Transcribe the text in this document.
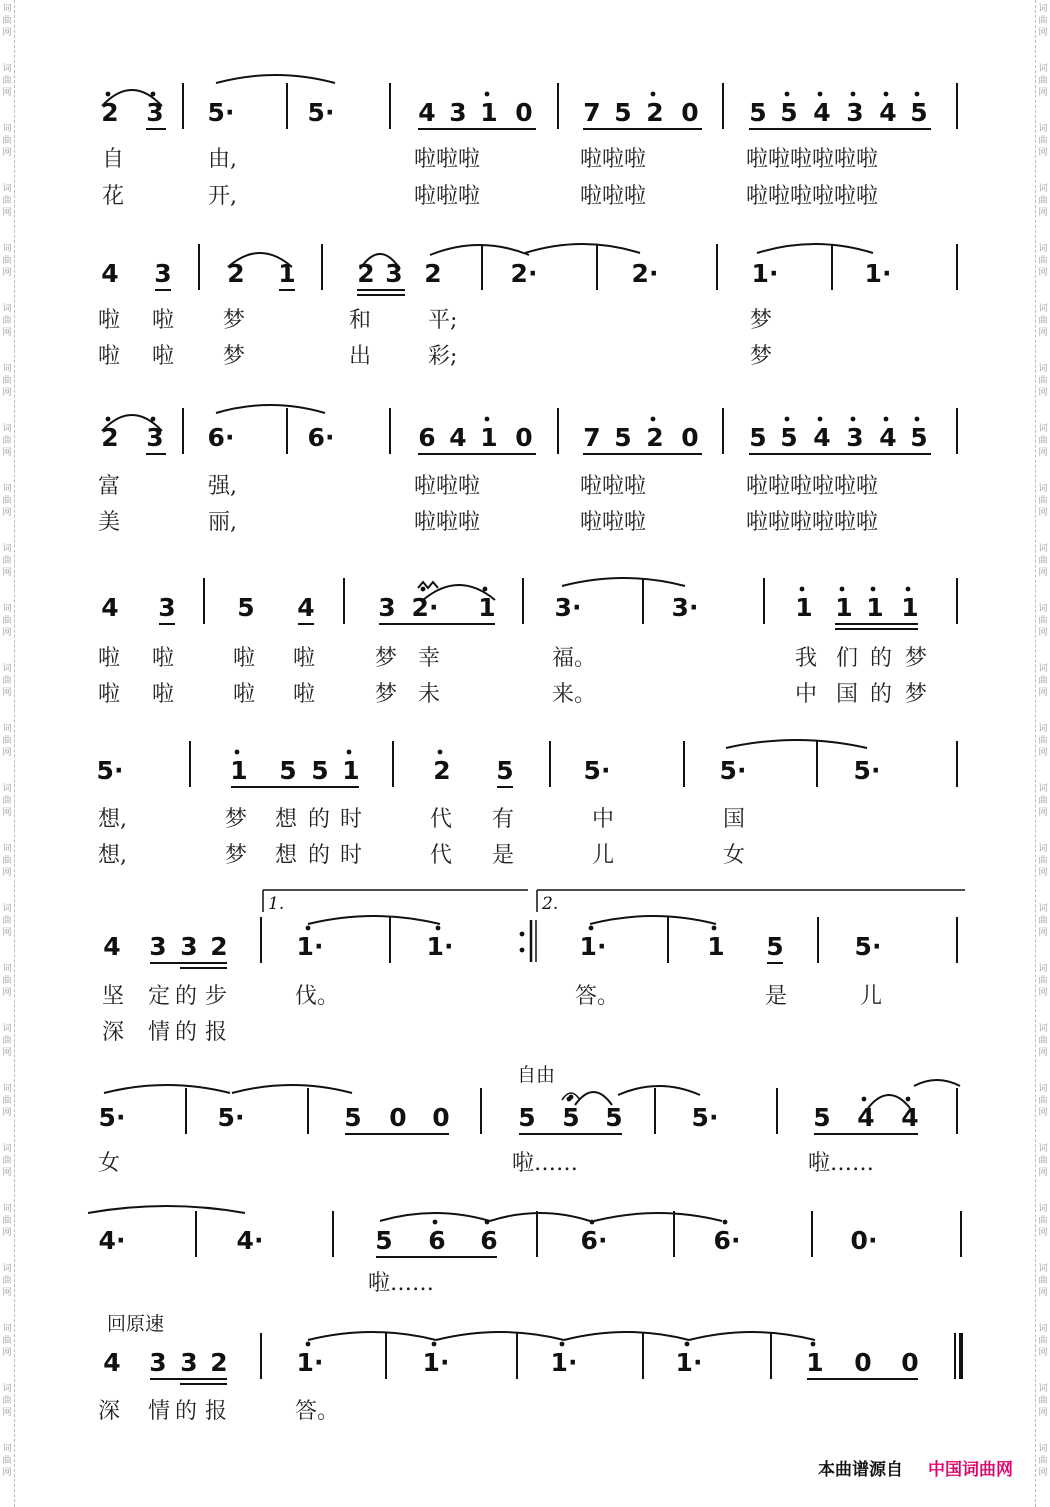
词
曲
网
词
曲
网
词
曲
网
词
曲
网
词
曲
网
词
曲
网
词
曲
网
词
曲
网
词
曲
网
词
曲
网
词
曲
网
词
曲
网
词
曲
网
词
曲
网
词
曲
网
词
曲
网
词
曲
网
词
曲
网
词
曲
网
词
曲
网
词
曲
网
词
曲
网
词
曲
网
词
曲
网
词
曲
网
词
曲
网
词
曲
网
词
曲
网
词
曲
网
词
曲
网
词
曲
网
词
曲
网
词
曲
网
词
曲
网
词
曲
网
词
曲
网
词
曲
网
词
曲
网
词
曲
网
词
曲
网
词
曲
网
词
曲
网
词
曲
网
词
曲
网
词
曲
网
词
曲
网
词
曲
网
词
曲
网
词
曲
网
词
曲
网
2 3 5·	5·	4 3 1 0 7 5 2 0 5 5 4 3 4 5
自	由,	啦啦啦	啦啦啦	啦啦啦啦啦啦
花	开,	啦啦啦	啦啦啦	啦啦啦啦啦啦
4 3 2 1 2 3 2	2·	2·	1·	1·
啦 啦 梦	和	平;	梦
啦 啦 梦	出	彩;	梦
2 3 6·	6·	6 4 1 0 7 5 2 0 5 5 4 3 4 5
富	强,	啦啦啦	啦啦啦	啦啦啦啦啦啦
美	丽,	啦啦啦	啦啦啦	啦啦啦啦啦啦
4 3 5 4	3 2· 1 3·	3·	1 1 1 1
啦 啦	啦 啦	梦 幸	福。	我 们 的 梦
啦 啦	啦 啦	梦 未	来。	中 国 的 梦
5·	1 5 5 1	2 5	5·	5·	5·
想,	梦 想 的 时	代 有	中	国
想,	梦 想 的 时	代 是	儿	女
4 3 3 2	1·	1·	1·	1 5	5·
坚 定 的 步	伐。	答。	是	儿
深 情 的 报
1.	2.
5·	5·	5 0 0	5 5 5	5·	5 4 4
女	啦……	啦……
自由
4·	4·	5 6 6	6·	6·	0·
啦……
4 3 3 2	1·	1·	1·	1·	1 0 0
深 情 的 报	答。
回原速
本曲谱源自 中国词曲网
